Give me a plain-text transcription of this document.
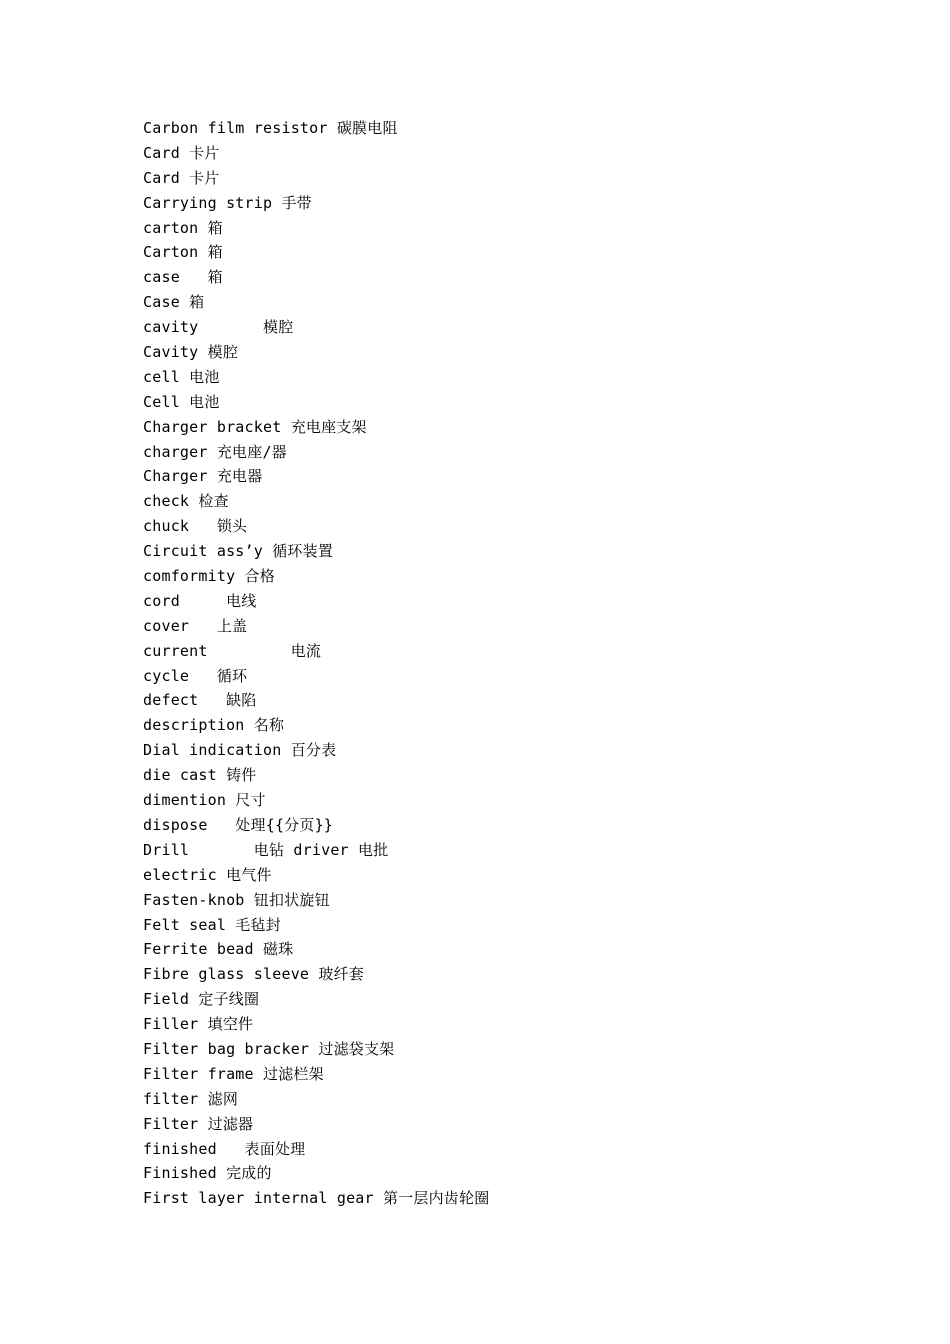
Carbon film resistor 碳膜电阻
Card 卡片
Card 卡片
Carrying strip 手带
carton 箱
Carton 箱
case   箱
Case 箱
cavity       模腔
Cavity 模腔
cell 电池
Cell 电池
Charger bracket 充电座支架
charger 充电座/器
Charger 充电器
check 检查
chuck   锁头
Circuit ass’y 循环装置
comformity 合格
cord     电线
cover   上盖
current         电流
cycle   循环
defect   缺陷
description 名称
Dial indication 百分表
die cast 铸件
dimention 尺寸
dispose   处理{{分页}}
Drill       电钻 driver 电批
electric 电气件
Fasten-knob 钮扣状旋钮
Felt seal 毛毡封
Ferrite bead 磁珠
Fibre glass sleeve 玻纤套
Field 定子线圈
Filler 填空件
Filter bag bracker 过滤袋支架
Filter frame 过滤栏架
filter 滤网
Filter 过滤器
finished   表面处理
Finished 完成的
First layer internal gear 第一层内齿轮圈
